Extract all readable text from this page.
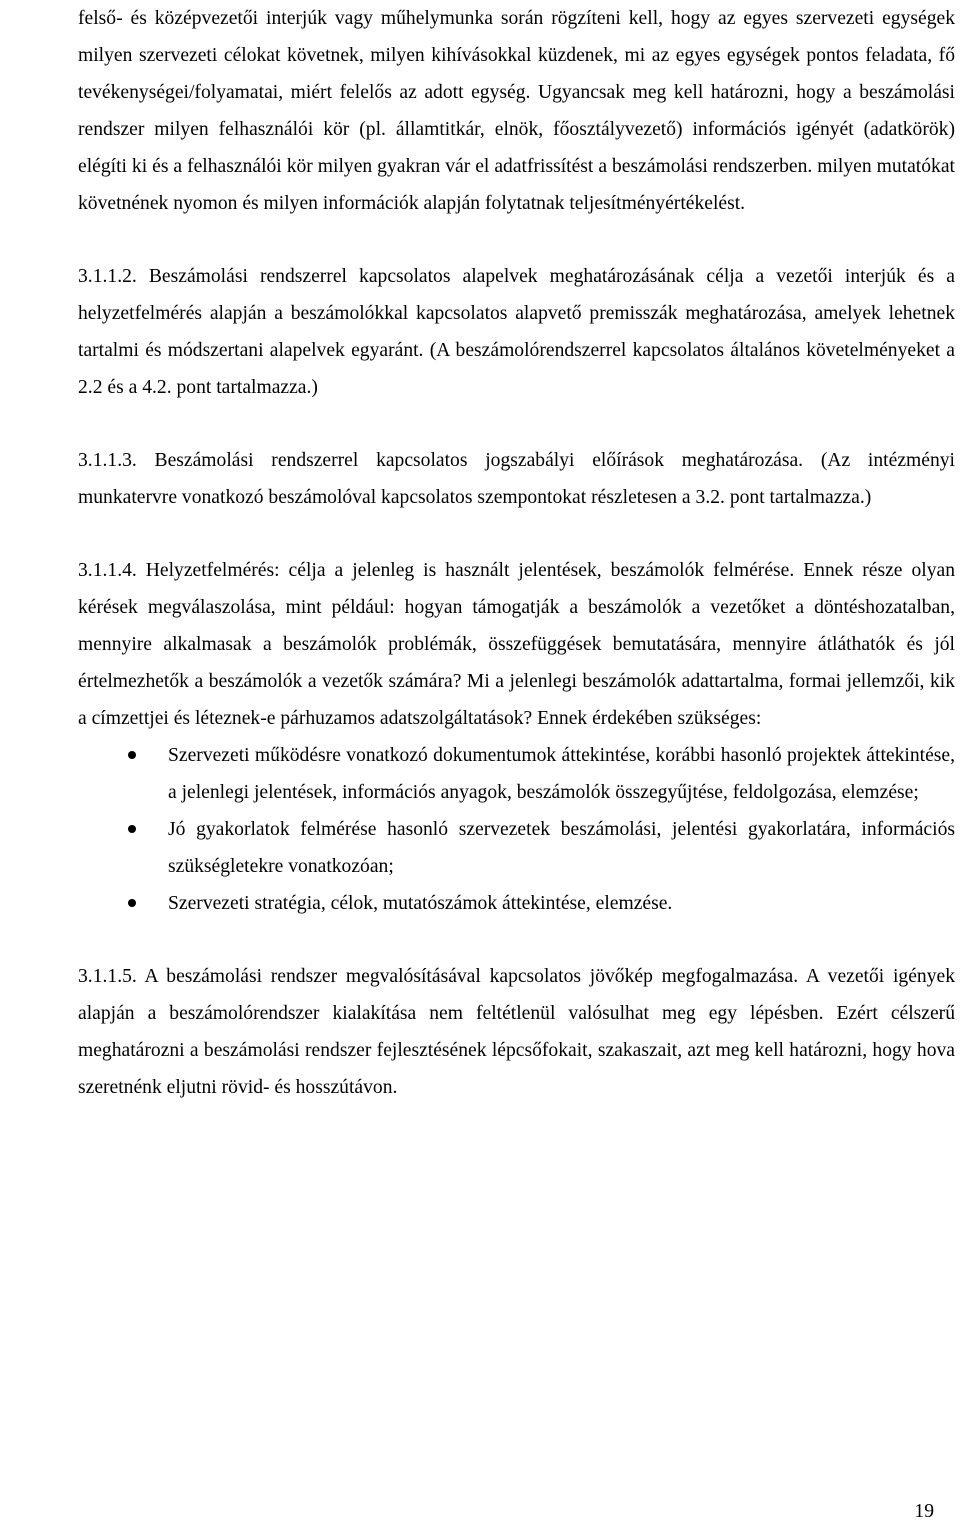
felső- és középvezetői interjúk vagy műhelymunka során rögzíteni kell, hogy az egyes szervezeti egységek milyen szervezeti célokat követnek, milyen kihívásokkal küzdenek, mi az egyes egységek pontos feladata, fő tevékenységei/folyamatai, miért felelős az adott egység. Ugyancsak meg kell határozni, hogy a beszámolási rendszer milyen felhasználói kör (pl. államtitkár, elnök, főosztályvezető) információs igényét (adatkörök) elégíti ki és a felhasználói kör milyen gyakran vár el adatfrissítést a beszámolási rendszerben. milyen mutatókat követnének nyomon és milyen információk alapján folytatnak teljesítményértékelést.

3.1.1.2. Beszámolási rendszerrel kapcsolatos alapelvek meghatározásának célja a vezetői interjúk és a helyzetfelmérés alapján a beszámolókkal kapcsolatos alapvető premisszák meghatározása, amelyek lehetnek tartalmi és módszertani alapelvek egyaránt. (A beszámolórendszerrel kapcsolatos általános követelményeket a 2.2 és a 4.2. pont tartalmazza.)

3.1.1.3. Beszámolási rendszerrel kapcsolatos jogszabályi előírások meghatározása. (Az intézményi munkatervre vonatkozó beszámolóval kapcsolatos szempontokat részletesen a 3.2. pont tartalmazza.)

3.1.1.4. Helyzetfelmérés: célja a jelenleg is használt jelentések, beszámolók felmérése. Ennek része olyan kérések megválaszolása, mint például: hogyan támogatják a beszámolók a vezetőket a döntéshozatalban, mennyire alkalmasak a beszámolók problémák, összefüggések bemutatására, mennyire átláthatók és jól értelmezhetők a beszámolók a vezetők számára? Mi a jelenlegi beszámolók adattartalma, formai jellemzői, kik a címzettjei és léteznek-e párhuzamos adatszolgáltatások? Ennek érdekében szükséges:

Szervezeti működésre vonatkozó dokumentumok áttekintése, korábbi hasonló projektek áttekintése, a jelenlegi jelentések, információs anyagok, beszámolók összegyűjtése, feldolgozása, elemzése;
Jó gyakorlatok felmérése hasonló szervezetek beszámolási, jelentési gyakorlatára, információs szükségletekre vonatkozóan;
Szervezeti stratégia, célok, mutatószámok áttekintése, elemzése.

3.1.1.5. A beszámolási rendszer megvalósításával kapcsolatos jövőkép megfogalmazása. A vezetői igények alapján a beszámolórendszer kialakítása nem feltétlenül valósulhat meg egy lépésben. Ezért célszerű meghatározni a beszámolási rendszer fejlesztésének lépcsőfokait, szakaszait, azt meg kell határozni, hogy hova szeretnénk eljutni rövid- és hosszútávon.

19
